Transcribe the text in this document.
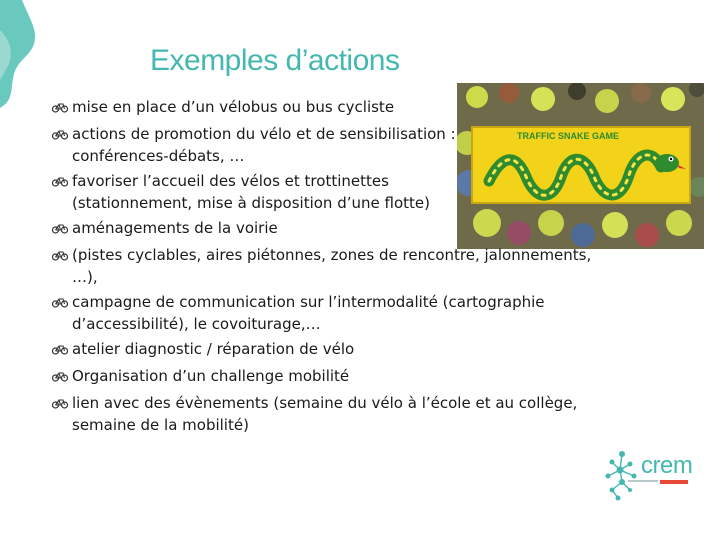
Exemples d’actions
TRAFFIC SNAKE GAME
mise en place d’un vélobus ou bus cycliste
actions de promotion du vélo et de sensibilisation :
conférences-débats, …
favoriser l’accueil des vélos et trottinettes
(stationnement, mise à disposition d’une flotte)
aménagements de la voirie
(pistes cyclables, aires piétonnes, zones de rencontre, jalonnements,
…),
campagne de communication sur l’intermodalité (cartographie
d’accessibilité), le covoiturage,…
atelier diagnostic / réparation de vélo
Organisation d’un challenge mobilité
lien avec des évènements (semaine du vélo à l’école et au collège,
semaine de la mobilité)
crem
